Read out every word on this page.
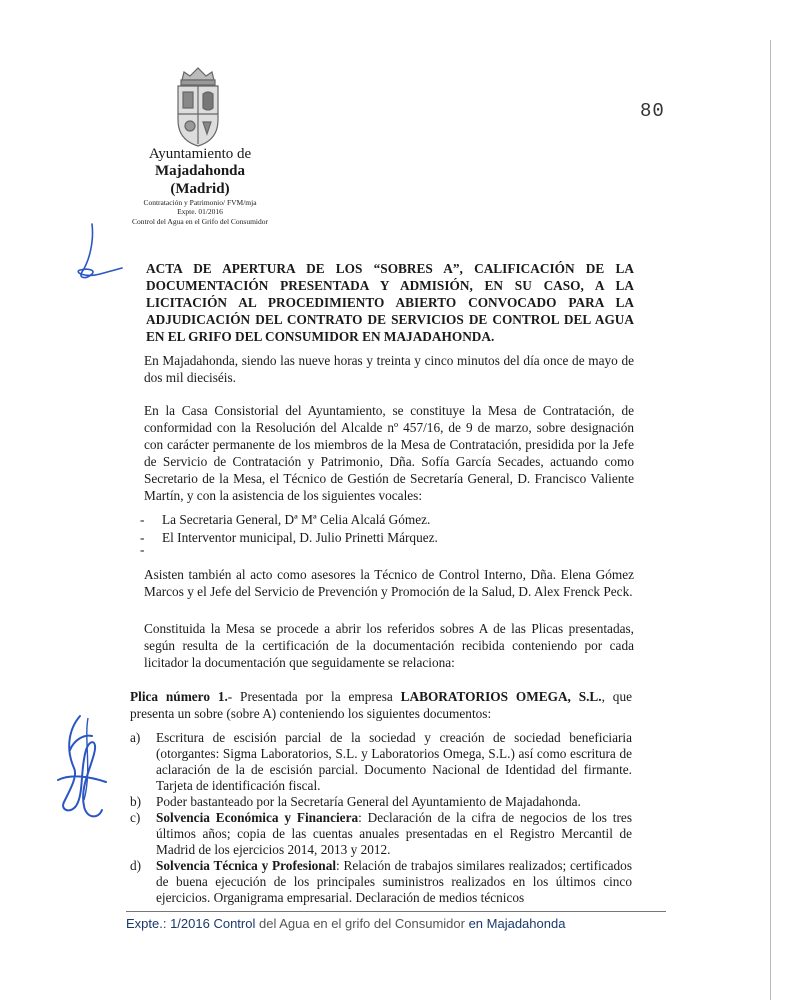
80
Ayuntamiento de
Majadahonda
(Madrid)
Contratación y Patrimonio/ FVM/mja
Expte. 01/2016
Control del Agua en el Grifo del Consumidor
ACTA DE APERTURA DE LOS “SOBRES A”, CALIFICACIÓN DE LA DOCUMENTACIÓN PRESENTADA Y ADMISIÓN, EN SU CASO, A LA LICITACIÓN AL PROCEDIMIENTO ABIERTO CONVOCADO PARA LA ADJUDICACIÓN DEL CONTRATO DE SERVICIOS DE CONTROL DEL AGUA EN EL GRIFO DEL CONSUMIDOR EN MAJADAHONDA.
En Majadahonda, siendo las nueve horas y treinta y cinco minutos del día once de mayo de dos mil dieciséis.
En la Casa Consistorial del Ayuntamiento, se constituye la Mesa de Contratación, de conformidad con la Resolución del Alcalde nº 457/16, de 9 de marzo, sobre designación con carácter permanente de los miembros de la Mesa de Contratación, presidida por la Jefe de Servicio de Contratación y Patrimonio, Dña. Sofía García Secades, actuando como Secretario de la Mesa, el Técnico de Gestión de Secretaría General, D. Francisco Valiente Martín, y con la asistencia de los siguientes vocales:
- La Secretaria General, Dª Mª Celia Alcalá Gómez.
- El Interventor municipal, D. Julio Prinetti Márquez.
-
Asisten también al acto como asesores la Técnico de Control Interno, Dña. Elena Gómez Marcos y el Jefe del Servicio de Prevención y Promoción de la Salud, D. Alex Frenck Peck.
Constituida la Mesa se procede a abrir los referidos sobres A de las Plicas presentadas, según resulta de la certificación de la documentación recibida conteniendo por cada licitador la documentación que seguidamente se relaciona:
Plica número 1.- Presentada por la empresa LABORATORIOS OMEGA, S.L., que presenta un sobre (sobre A) conteniendo los siguientes documentos:
a) Escritura de escisión parcial de la sociedad y creación de sociedad beneficiaria (otorgantes: Sigma Laboratorios, S.L. y Laboratorios Omega, S.L.) así como escritura de aclaración de la de escisión parcial. Documento Nacional de Identidad del firmante. Tarjeta de identificación fiscal.
b) Poder bastanteado por la Secretaría General del Ayuntamiento de Majadahonda.
c) Solvencia Económica y Financiera: Declaración de la cifra de negocios de los tres últimos años; copia de las cuentas anuales presentadas en el Registro Mercantil de Madrid de los ejercicios 2014, 2013 y 2012.
d) Solvencia Técnica y Profesional: Relación de trabajos similares realizados; certificados de buena ejecución de los principales suministros realizados en los últimos cinco ejercicios. Organigrama empresarial. Declaración de medios técnicos
Expte.: 1/2016 Control del Agua en el grifo del Consumidor en Majadahonda
